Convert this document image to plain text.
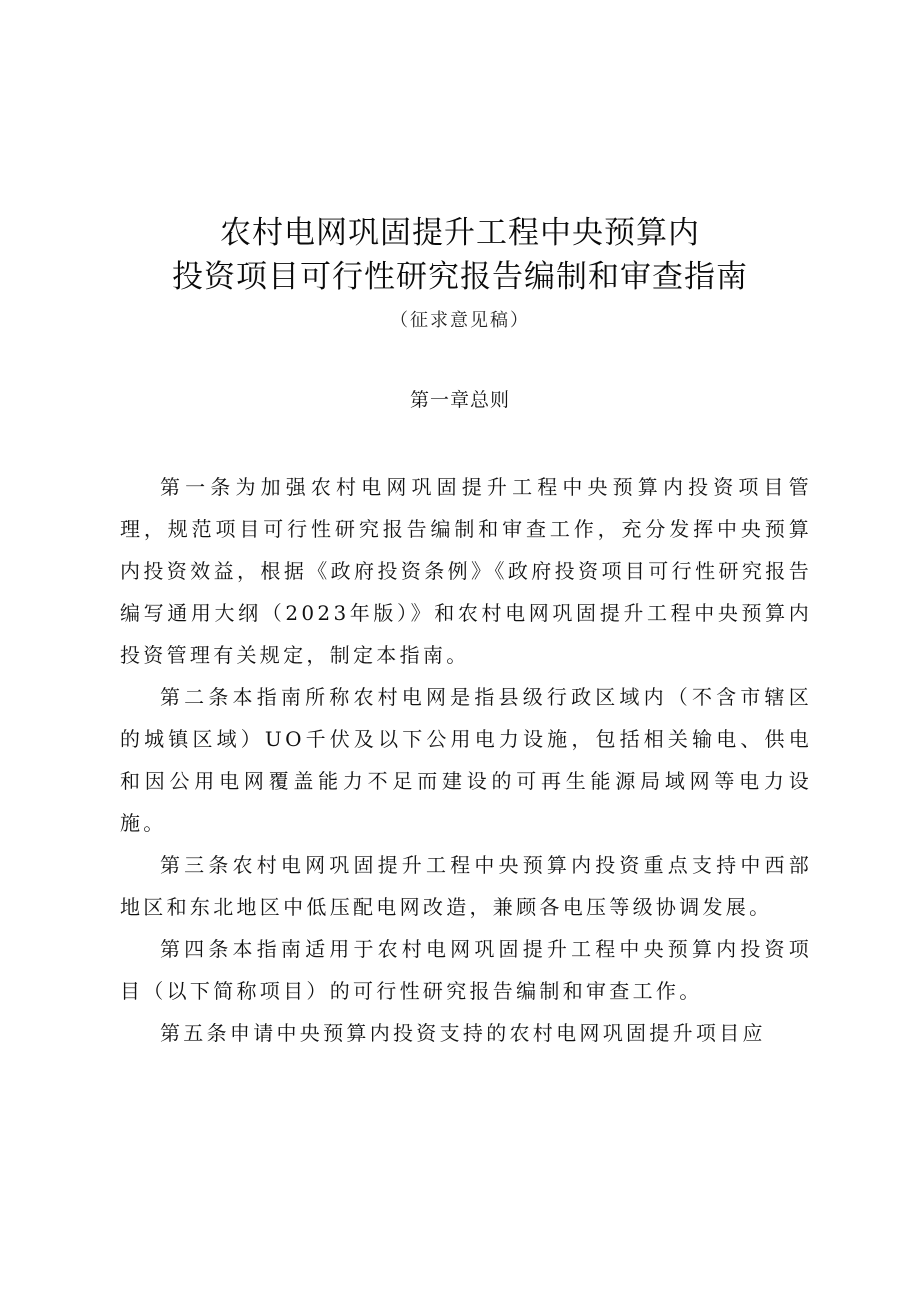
农村电网巩固提升工程中央预算内
投资项目可行性研究报告编制和审查指南
（征求意见稿）
第一章总则

第一条为加强农村电网巩固提升工程中央预算内投资项目管理，规范项目可行性研究报告编制和审查工作，充分发挥中央预算内投资效益，根据《政府投资条例》《政府投资项目可行性研究报告编写通用大纲（2023年版）》和农村电网巩固提升工程中央预算内投资管理有关规定，制定本指南。

第二条本指南所称农村电网是指县级行政区域内（不含市辖区的城镇区域）UO千伏及以下公用电力设施，包括相关输电、供电和因公用电网覆盖能力不足而建设的可再生能源局域网等电力设施。

第三条农村电网巩固提升工程中央预算内投资重点支持中西部地区和东北地区中低压配电网改造，兼顾各电压等级协调发展。

第四条本指南适用于农村电网巩固提升工程中央预算内投资项目（以下简称项目）的可行性研究报告编制和审查工作。

第五条申请中央预算内投资支持的农村电网巩固提升项目应
